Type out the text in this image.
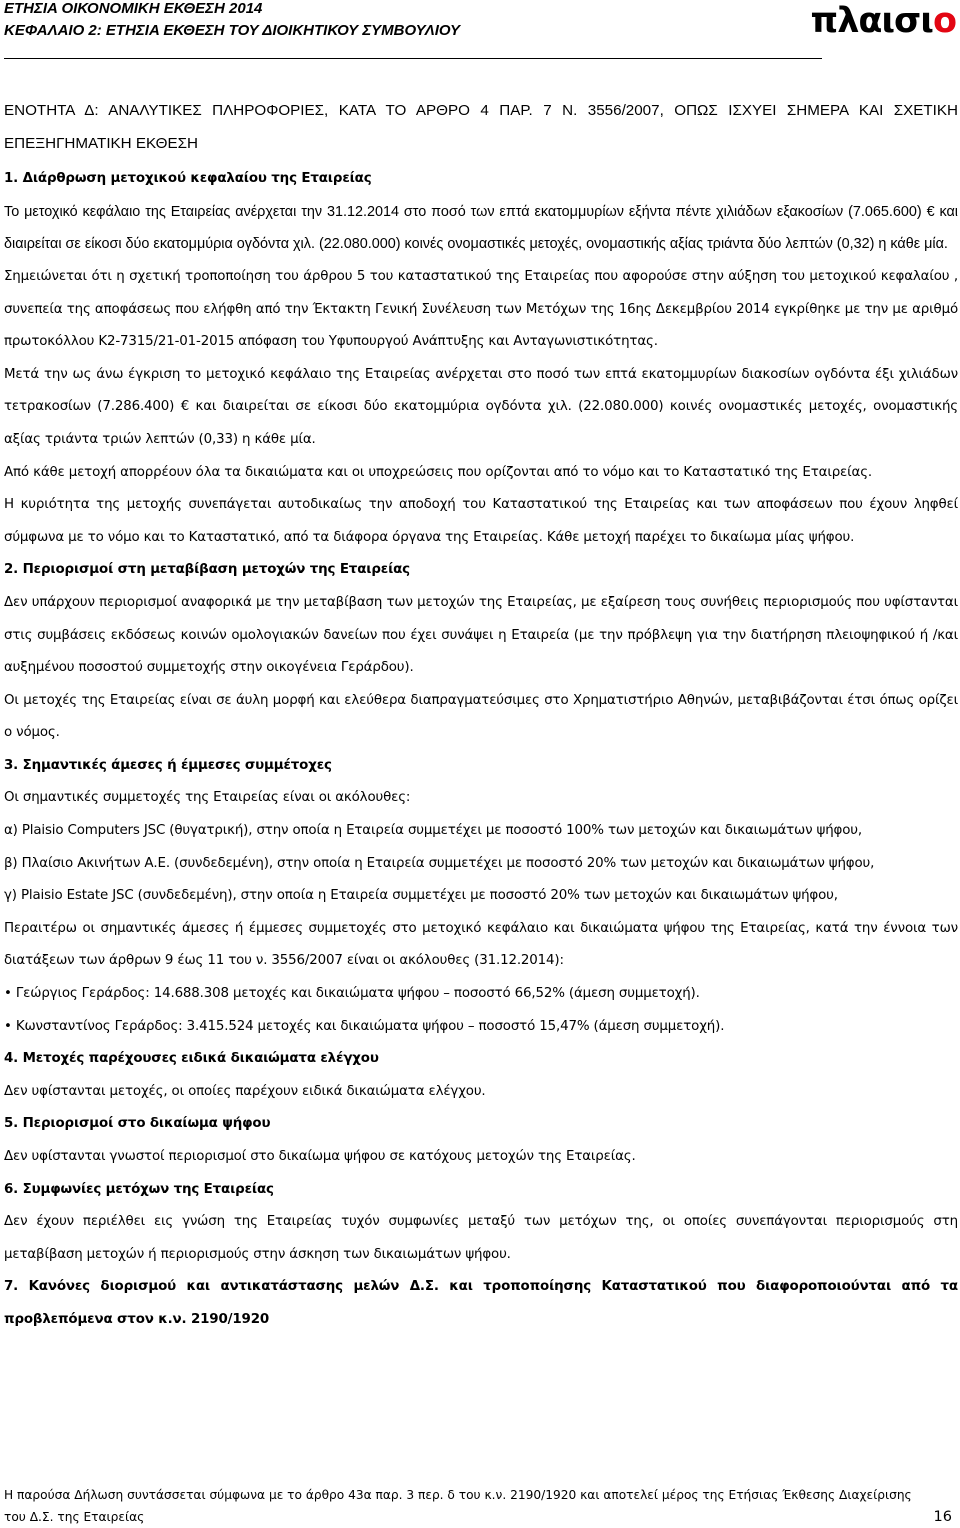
ΕΤΗΣΙΑ ΟΙΚΟΝΟΜΙΚΗ ΕΚΘΕΣΗ 2014
ΚΕΦΑΛΑΙΟ 2: ΕΤΗΣΙΑ ΕΚΘΕΣΗ ΤΟΥ ΔΙΟΙΚΗΤΙΚΟΥ ΣΥΜΒΟΥΛΙΟΥ	πλαισιο

ΕΝΟΤΗΤΑ Δ: ΑΝΑΛΥΤΙΚΕΣ ΠΛΗΡΟΦΟΡΙΕΣ, ΚΑΤΑ ΤΟ ΑΡΘΡΟ 4 ΠΑΡ. 7 Ν. 3556/2007, ΟΠΩΣ ΙΣΧΥΕΙ ΣΗΜΕΡΑ ΚΑΙ ΣΧΕΤΙΚΗ ΕΠΕΞΗΓΗΜΑΤΙΚΗ ΕΚΘΕΣΗ

1. Διάρθρωση μετοχικού κεφαλαίου της Εταιρείας

Το μετοχικό κεφάλαιο της Εταιρείας ανέρχεται την 31.12.2014 στο ποσό των επτά εκατομμυρίων εξήντα πέντε χιλιάδων εξακοσίων (7.065.600) € και διαιρείται σε είκοσι δύο εκατομμύρια ογδόντα χιλ. (22.080.000) κοινές ονομαστικές μετοχές, ονομαστικής αξίας τριάντα δύο λεπτών (0,32) η κάθε μία.

Σημειώνεται ότι η σχετική τροποποίηση του άρθρου 5 του καταστατικού της Εταιρείας που αφορούσε στην αύξηση του μετοχικού κεφαλαίου , συνεπεία της αποφάσεως που ελήφθη από την Έκτακτη Γενική Συνέλευση των Μετόχων της 16ης Δεκεμβρίου 2014 εγκρίθηκε με την με αριθμό πρωτοκόλλου Κ2-7315/21-01-2015 απόφαση του Υφυπουργού Ανάπτυξης και Ανταγωνιστικότητας.

Μετά την ως άνω έγκριση το μετοχικό κεφάλαιο της Εταιρείας ανέρχεται στο ποσό των επτά εκατομμυρίων διακοσίων ογδόντα έξι χιλιάδων τετρακοσίων (7.286.400) € και διαιρείται σε είκοσι δύο εκατομμύρια ογδόντα χιλ. (22.080.000) κοινές ονομαστικές μετοχές, ονομαστικής αξίας τριάντα τριών λεπτών (0,33) η κάθε μία.

Από κάθε μετοχή απορρέουν όλα τα δικαιώματα και οι υποχρεώσεις που ορίζονται από το νόμο και το Καταστατικό της Εταιρείας.

Η κυριότητα της μετοχής συνεπάγεται αυτοδικαίως την αποδοχή του Καταστατικού της Εταιρείας και των αποφάσεων που έχουν ληφθεί σύμφωνα με το νόμο και το Καταστατικό, από τα διάφορα όργανα της Εταιρείας. Κάθε μετοχή παρέχει το δικαίωμα μίας ψήφου.

2. Περιορισμοί στη μεταβίβαση μετοχών της Εταιρείας

Δεν υπάρχουν περιορισμοί αναφορικά με την μεταβίβαση των μετοχών της Εταιρείας, με εξαίρεση τους συνήθεις περιορισμούς που υφίστανται στις συμβάσεις εκδόσεως κοινών ομολογιακών δανείων που έχει συνάψει η Εταιρεία (με την πρόβλεψη για την διατήρηση πλειοψηφικού ή /και αυξημένου ποσοστού συμμετοχής στην οικογένεια Γεράρδου).

Οι μετοχές της Εταιρείας είναι σε άυλη μορφή και ελεύθερα διαπραγματεύσιμες στο Χρηματιστήριο Αθηνών, μεταβιβάζονται έτσι όπως ορίζει ο νόμος.

3. Σημαντικές άμεσες ή έμμεσες συμμέτοχες

Οι σημαντικές συμμετοχές της Εταιρείας είναι οι ακόλουθες:

α) Plaisio Computers JSC (θυγατρική), στην οποία η Εταιρεία συμμετέχει με ποσοστό 100% των μετοχών και δικαιωμάτων ψήφου,

β) Πλαίσιο Ακινήτων Α.Ε. (συνδεδεμένη), στην οποία η Εταιρεία συμμετέχει με ποσοστό 20% των μετοχών και δικαιωμάτων ψήφου,

γ) Plaisio Estate JSC (συνδεδεμένη), στην οποία η Εταιρεία συμμετέχει με ποσοστό 20% των μετοχών και δικαιωμάτων ψήφου,

Περαιτέρω οι σημαντικές άμεσες ή έμμεσες συμμετοχές στο μετοχικό κεφάλαιο και δικαιώματα ψήφου της Εταιρείας, κατά την έννοια των διατάξεων των άρθρων 9 έως 11 του ν. 3556/2007 είναι οι ακόλουθες (31.12.2014):

• Γεώργιος Γεράρδος: 14.688.308 μετοχές και δικαιώματα ψήφου – ποσοστό 66,52% (άμεση συμμετοχή).

• Κωνσταντίνος Γεράρδος: 3.415.524 μετοχές και δικαιώματα ψήφου – ποσοστό 15,47% (άμεση συμμετοχή).

4. Μετοχές παρέχουσες ειδικά δικαιώματα ελέγχου

Δεν υφίστανται μετοχές, οι οποίες παρέχουν ειδικά δικαιώματα ελέγχου.

5. Περιορισμοί στο δικαίωμα ψήφου

Δεν υφίστανται γνωστοί περιορισμοί στο δικαίωμα ψήφου σε κατόχους μετοχών της Εταιρείας.

6. Συμφωνίες μετόχων της Εταιρείας

Δεν έχουν περιέλθει εις γνώση της Εταιρείας τυχόν συμφωνίες μεταξύ των μετόχων της, οι οποίες συνεπάγονται περιορισμούς στη μεταβίβαση μετοχών ή περιορισμούς στην άσκηση των δικαιωμάτων ψήφου.

7. Κανόνες διορισμού και αντικατάστασης μελών Δ.Σ. και τροποποίησης Καταστατικού που διαφοροποιούνται από τα προβλεπόμενα στον κ.ν. 2190/1920

Η παρούσα Δήλωση συντάσσεται σύμφωνα με το άρθρο 43α παρ. 3 περ. δ του κ.ν. 2190/1920 και αποτελεί μέρος της Ετήσιας Έκθεσης Διαχείρισης του Δ.Σ. της Εταιρείας	16
